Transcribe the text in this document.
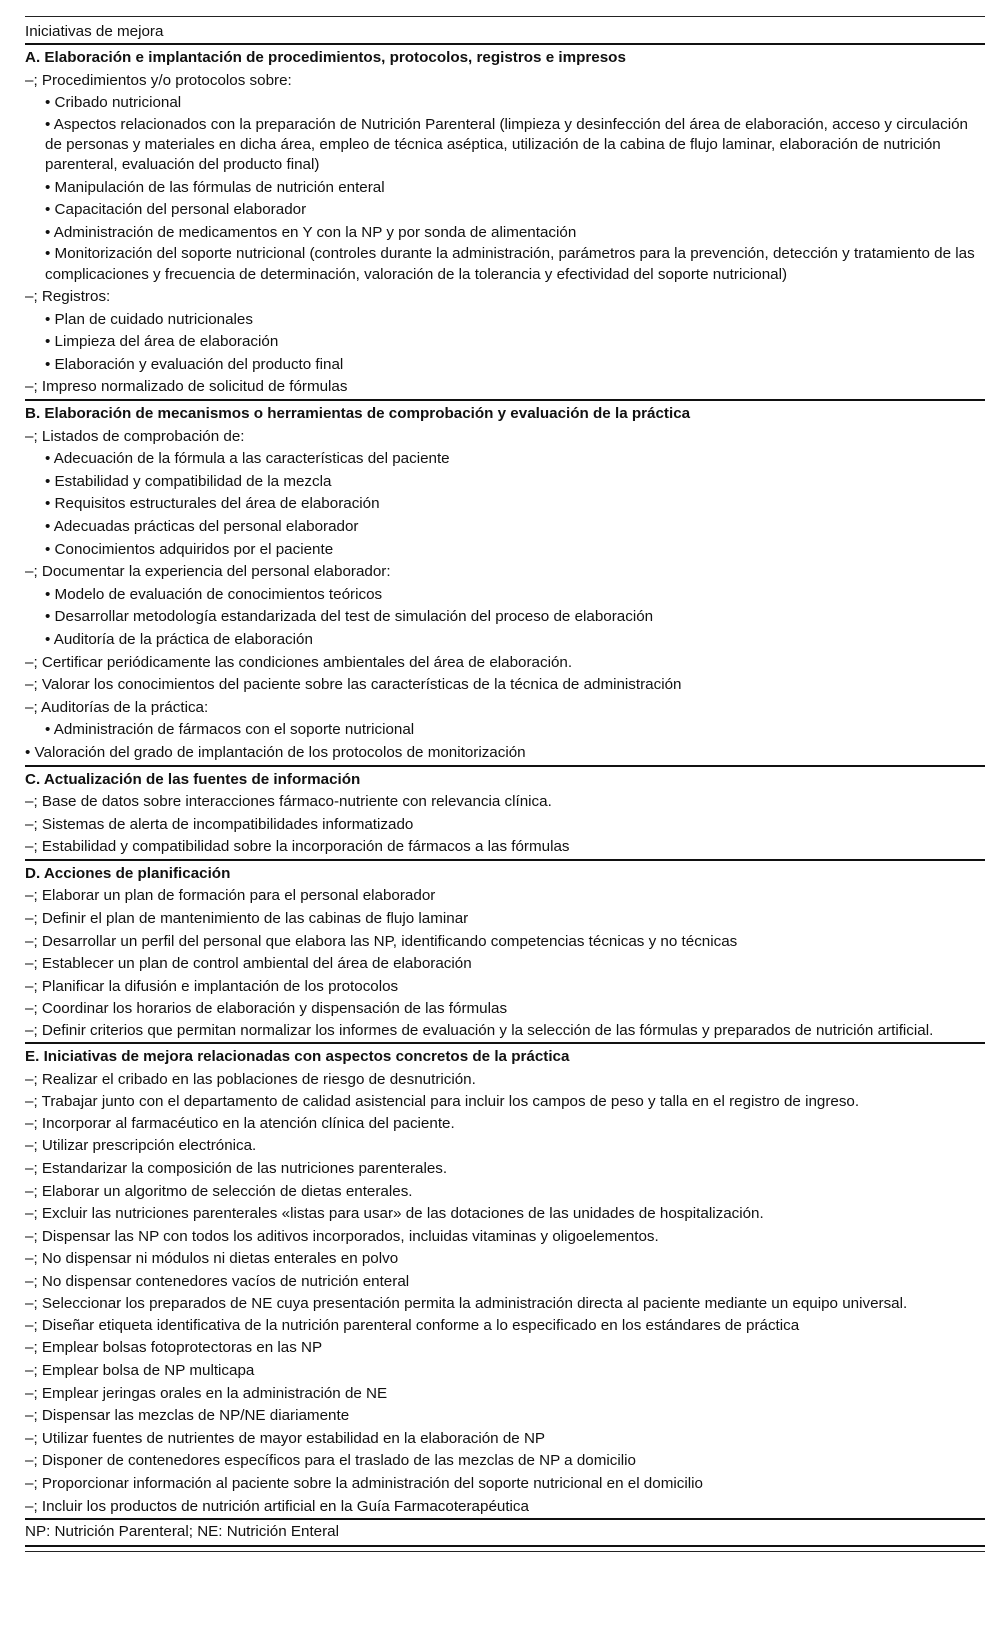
Iniciativas de mejora
A. Elaboración e implantación de procedimientos, protocolos, registros e impresos
–; Procedimientos y/o protocolos sobre:
• Cribado nutricional
• Aspectos relacionados con la preparación de Nutrición Parenteral (limpieza y desinfección del área de elaboración, acceso y circulación de personas y materiales en dicha área, empleo de técnica aséptica, utilización de la cabina de flujo laminar, elaboración de nutrición parenteral, evaluación del producto final)
• Manipulación de las fórmulas de nutrición enteral
• Capacitación del personal elaborador
• Administración de medicamentos en Y con la NP y por sonda de alimentación
• Monitorización del soporte nutricional (controles durante la administración, parámetros para la prevención, detección y tratamiento de las complicaciones y frecuencia de determinación, valoración de la tolerancia y efectividad del soporte nutricional)
–; Registros:
• Plan de cuidado nutricionales
• Limpieza del área de elaboración
• Elaboración y evaluación del producto final
–; Impreso normalizado de solicitud de fórmulas
B. Elaboración de mecanismos o herramientas de comprobación y evaluación de la práctica
–; Listados de comprobación de:
• Adecuación de la fórmula a las características del paciente
• Estabilidad y compatibilidad de la mezcla
• Requisitos estructurales del área de elaboración
• Adecuadas prácticas del personal elaborador
• Conocimientos adquiridos por el paciente
–; Documentar la experiencia del personal elaborador:
• Modelo de evaluación de conocimientos teóricos
• Desarrollar metodología estandarizada del test de simulación del proceso de elaboración
• Auditoría de la práctica de elaboración
–; Certificar periódicamente las condiciones ambientales del área de elaboración.
–; Valorar los conocimientos del paciente sobre las características de la técnica de administración
–; Auditorías de la práctica:
• Administración de fármacos con el soporte nutricional
• Valoración del grado de implantación de los protocolos de monitorización
C. Actualización de las fuentes de información
–; Base de datos sobre interacciones fármaco-nutriente con relevancia clínica.
–; Sistemas de alerta de incompatibilidades informatizado
–; Estabilidad y compatibilidad sobre la incorporación de fármacos a las fórmulas
D. Acciones de planificación
–; Elaborar un plan de formación para el personal elaborador
–; Definir el plan de mantenimiento de las cabinas de flujo laminar
–; Desarrollar un perfil del personal que elabora las NP, identificando competencias técnicas y no técnicas
–; Establecer un plan de control ambiental del área de elaboración
–; Planificar la difusión e implantación de los protocolos
–; Coordinar los horarios de elaboración y dispensación de las fórmulas
–; Definir criterios que permitan normalizar los informes de evaluación y la selección de las fórmulas y preparados de nutrición artificial.
E. Iniciativas de mejora relacionadas con aspectos concretos de la práctica
–; Realizar el cribado en las poblaciones de riesgo de desnutrición.
–; Trabajar junto con el departamento de calidad asistencial para incluir los campos de peso y talla en el registro de ingreso.
–; Incorporar al farmacéutico en la atención clínica del paciente.
–; Utilizar prescripción electrónica.
–; Estandarizar la composición de las nutriciones parenterales.
–; Elaborar un algoritmo de selección de dietas enterales.
–; Excluir las nutriciones parenterales «listas para usar» de las dotaciones de las unidades de hospitalización.
–; Dispensar las NP con todos los aditivos incorporados, incluidas vitaminas y oligoelementos.
–; No dispensar ni módulos ni dietas enterales en polvo
–; No dispensar contenedores vacíos de nutrición enteral
–; Seleccionar los preparados de NE cuya presentación permita la administración directa al paciente mediante un equipo universal.
–; Diseñar etiqueta identificativa de la nutrición parenteral conforme a lo especificado en los estándares de práctica
–; Emplear bolsas fotoprotectoras en las NP
–; Emplear bolsa de NP multicapa
–; Emplear jeringas orales en la administración de NE
–; Dispensar las mezclas de NP/NE diariamente
–; Utilizar fuentes de nutrientes de mayor estabilidad en la elaboración de NP
–; Disponer de contenedores específicos para el traslado de las mezclas de NP a domicilio
–; Proporcionar información al paciente sobre la administración del soporte nutricional en el domicilio
–; Incluir los productos de nutrición artificial en la Guía Farmacoterapéutica
NP: Nutrición Parenteral; NE: Nutrición Enteral
